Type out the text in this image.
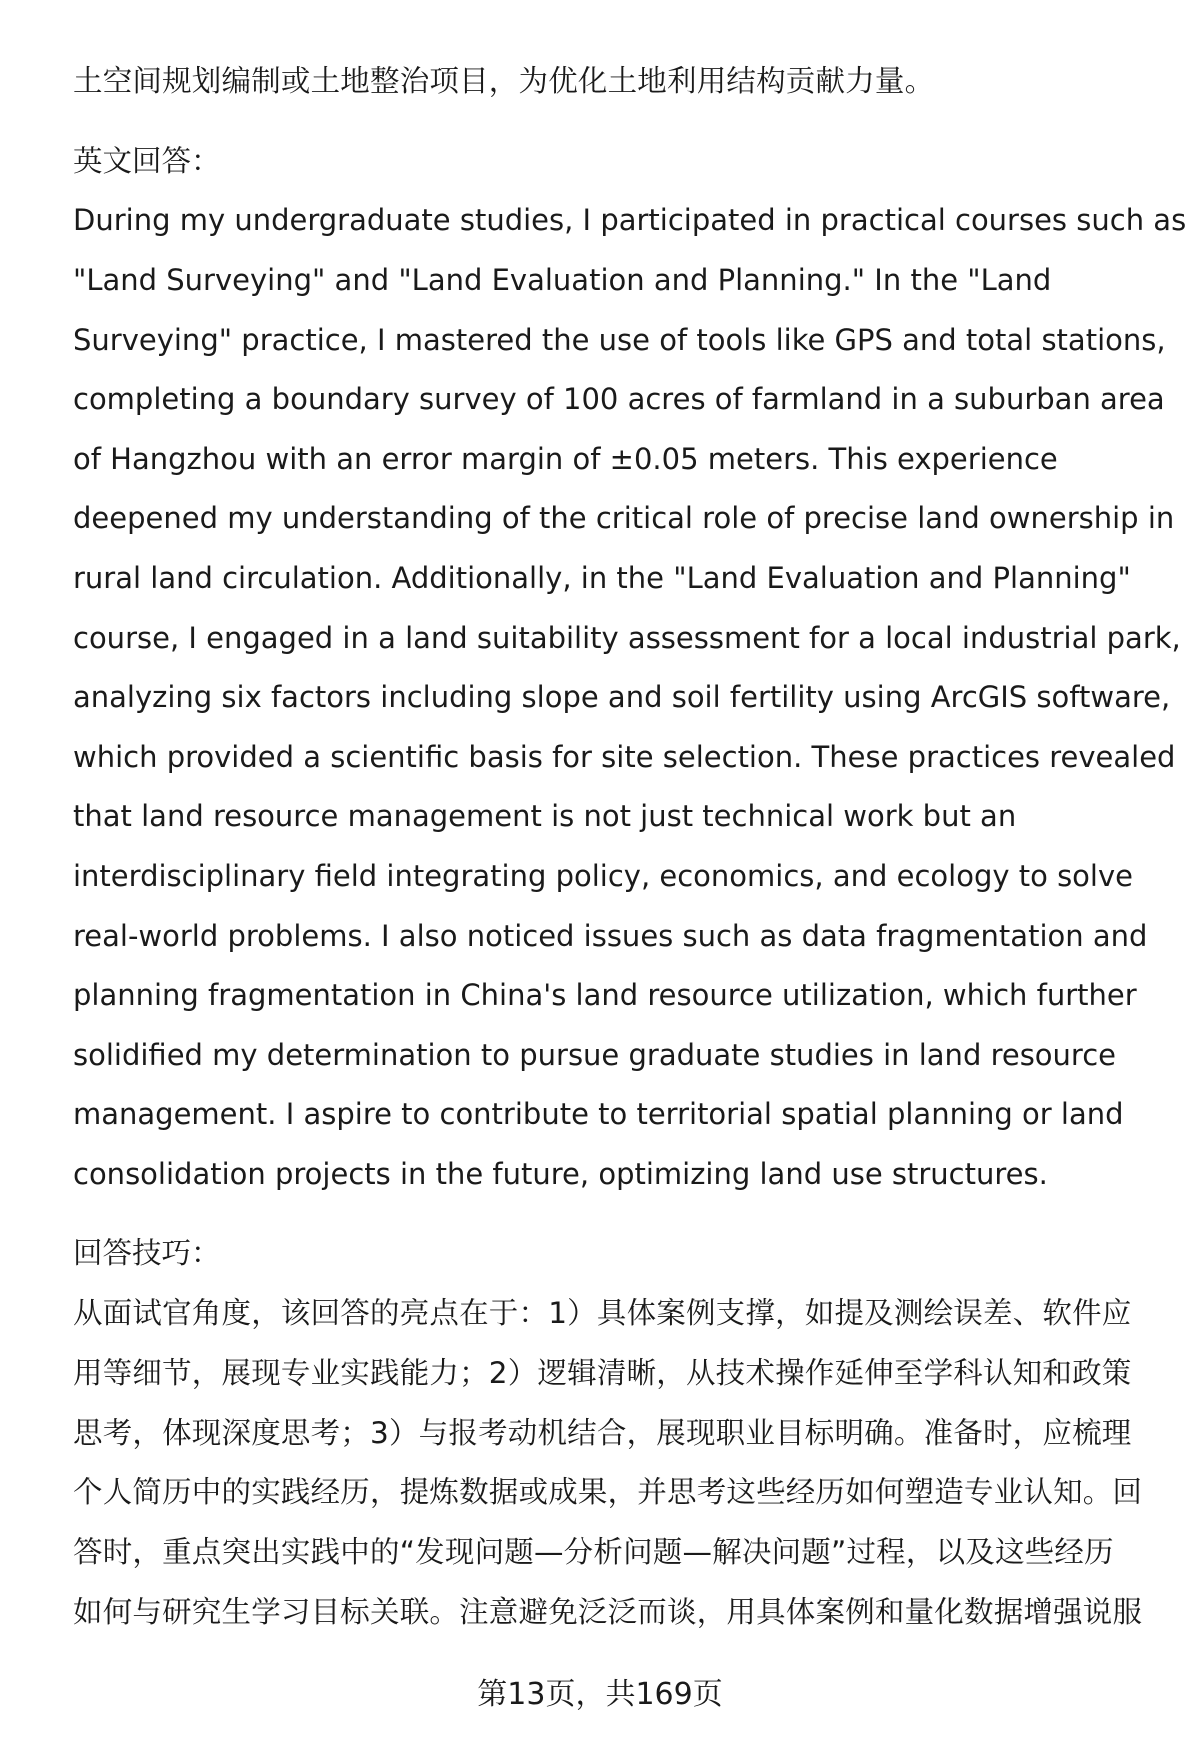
土空间规划编制或土地整治项目，为优化土地利用结构贡献力量。
英文回答：
During my undergraduate studies, I participated in practical courses such as
"Land Surveying" and "Land Evaluation and Planning." In the "Land
Surveying" practice, I mastered the use of tools like GPS and total stations,
completing a boundary survey of 100 acres of farmland in a suburban area
of Hangzhou with an error margin of ±0.05 meters. This experience
deepened my understanding of the critical role of precise land ownership in
rural land circulation. Additionally, in the "Land Evaluation and Planning"
course, I engaged in a land suitability assessment for a local industrial park,
analyzing six factors including slope and soil fertility using ArcGIS software,
which provided a scientific basis for site selection. These practices revealed
that land resource management is not just technical work but an
interdisciplinary field integrating policy, economics, and ecology to solve
real-world problems. I also noticed issues such as data fragmentation and
planning fragmentation in China's land resource utilization, which further
solidified my determination to pursue graduate studies in land resource
management. I aspire to contribute to territorial spatial planning or land
consolidation projects in the future, optimizing land use structures.
回答技巧：
从面试官角度，该回答的亮点在于：1）具体案例支撑，如提及测绘误差、软件应
用等细节，展现专业实践能力；2）逻辑清晰，从技术操作延伸至学科认知和政策
思考，体现深度思考；3）与报考动机结合，展现职业目标明确。准备时，应梳理
个人简历中的实践经历，提炼数据或成果，并思考这些经历如何塑造专业认知。回
答时，重点突出实践中的“发现问题—分析问题—解决问题”过程，以及这些经历
如何与研究生学习目标关联。注意避免泛泛而谈，用具体案例和量化数据增强说服
第13页，共169页
